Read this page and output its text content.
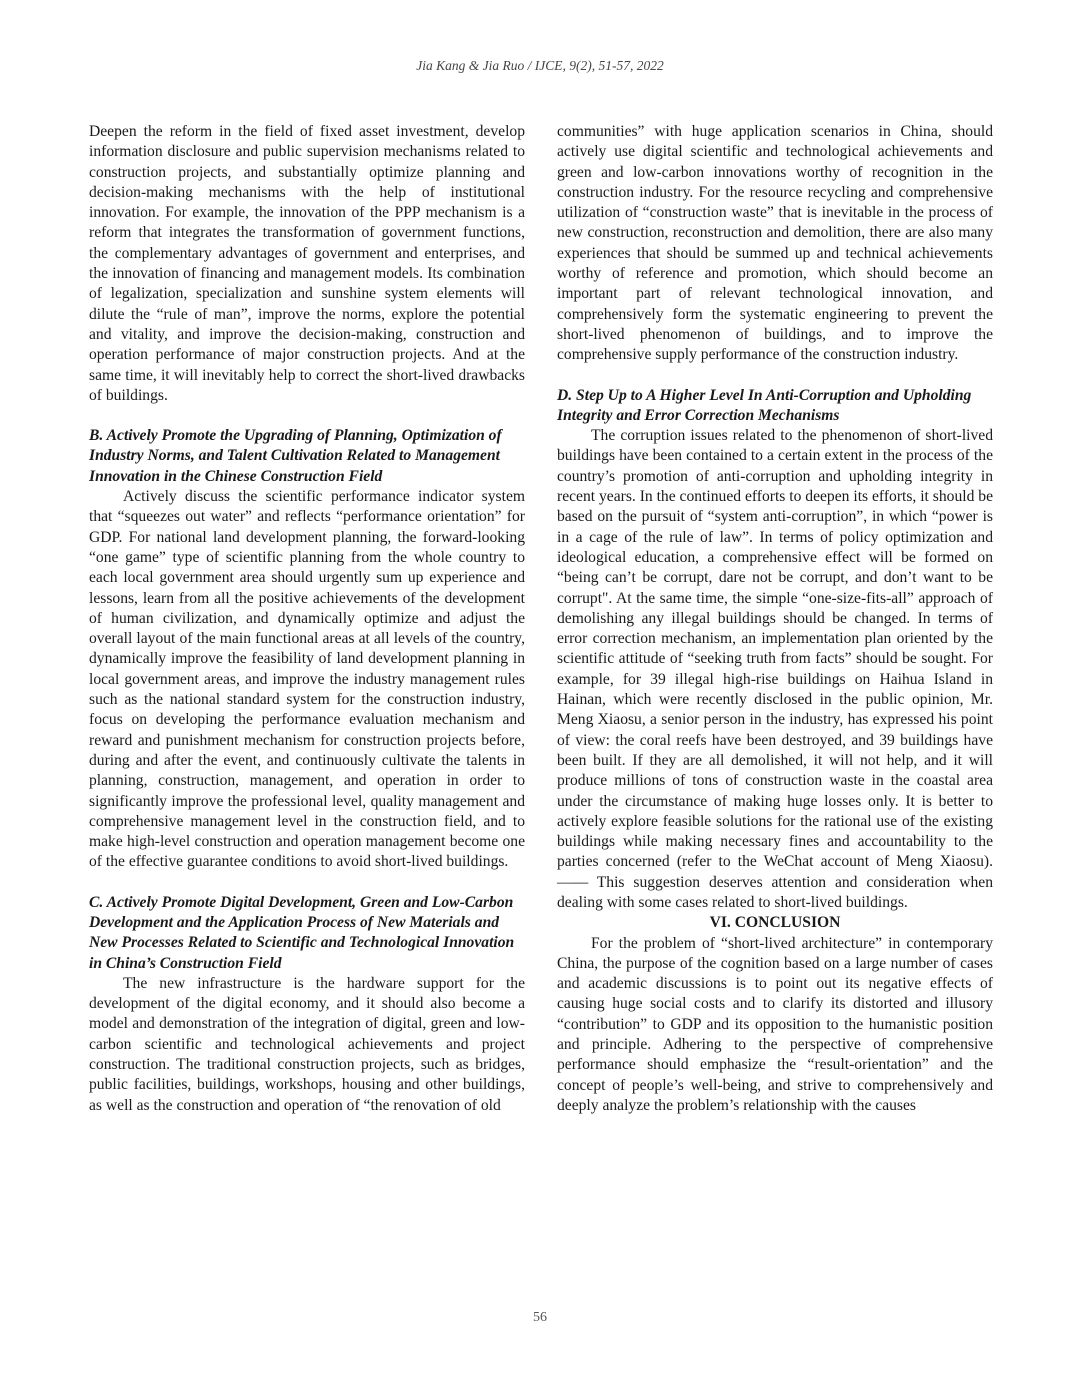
Jia Kang & Jia Ruo / IJCE, 9(2), 51-57, 2022

Deepen the reform in the field of fixed asset investment, develop information disclosure and public supervision mechanisms related to construction projects, and substantially optimize planning and decision-making mechanisms with the help of institutional innovation. For example, the innovation of the PPP mechanism is a reform that integrates the transformation of government functions, the complementary advantages of government and enterprises, and the innovation of financing and management models. Its combination of legalization, specialization and sunshine system elements will dilute the “rule of man”, improve the norms, explore the potential and vitality, and improve the decision-making, construction and operation performance of major construction projects. And at the same time, it will inevitably help to correct the short-lived drawbacks of buildings.

B. Actively Promote the Upgrading of Planning, Optimization of Industry Norms, and Talent Cultivation Related to Management Innovation in the Chinese Construction Field

Actively discuss the scientific performance indicator system that “squeezes out water” and reflects “performance orientation” for GDP. For national land development planning, the forward-looking “one game” type of scientific planning from the whole country to each local government area should urgently sum up experience and lessons, learn from all the positive achievements of the development of human civilization, and dynamically optimize and adjust the overall layout of the main functional areas at all levels of the country, dynamically improve the feasibility of land development planning in local government areas, and improve the industry management rules such as the national standard system for the construction industry, focus on developing the performance evaluation mechanism and reward and punishment mechanism for construction projects before, during and after the event, and continuously cultivate the talents in planning, construction, management, and operation in order to significantly improve the professional level, quality management and comprehensive management level in the construction field, and to make high-level construction and operation management become one of the effective guarantee conditions to avoid short-lived buildings.

C. Actively Promote Digital Development, Green and Low-Carbon Development and the Application Process of New Materials and New Processes Related to Scientific and Technological Innovation in China’s Construction Field

The new infrastructure is the hardware support for the development of the digital economy, and it should also become a model and demonstration of the integration of digital, green and low-carbon scientific and technological achievements and project construction. The traditional construction projects, such as bridges, public facilities, buildings, workshops, housing and other buildings, as well as the construction and operation of “the renovation of old

communities” with huge application scenarios in China, should actively use digital scientific and technological achievements and green and low-carbon innovations worthy of recognition in the construction industry. For the resource recycling and comprehensive utilization of “construction waste” that is inevitable in the process of new construction, reconstruction and demolition, there are also many experiences that should be summed up and technical achievements worthy of reference and promotion, which should become an important part of relevant technological innovation, and comprehensively form the systematic engineering to prevent the short-lived phenomenon of buildings, and to improve the comprehensive supply performance of the construction industry.

D. Step Up to A Higher Level In Anti-Corruption and Upholding Integrity and Error Correction Mechanisms

The corruption issues related to the phenomenon of short-lived buildings have been contained to a certain extent in the process of the country’s promotion of anti-corruption and upholding integrity in recent years. In the continued efforts to deepen its efforts, it should be based on the pursuit of “system anti-corruption”, in which “power is in a cage of the rule of law”. In terms of policy optimization and ideological education, a comprehensive effect will be formed on “being can’t be corrupt, dare not be corrupt, and don’t want to be corrupt". At the same time, the simple “one-size-fits-all” approach of demolishing any illegal buildings should be changed. In terms of error correction mechanism, an implementation plan oriented by the scientific attitude of “seeking truth from facts” should be sought. For example, for 39 illegal high-rise buildings on Haihua Island in Hainan, which were recently disclosed in the public opinion, Mr. Meng Xiaosu, a senior person in the industry, has expressed his point of view: the coral reefs have been destroyed, and 39 buildings have been built. If they are all demolished, it will not help, and it will produce millions of tons of construction waste in the coastal area under the circumstance of making huge losses only. It is better to actively explore feasible solutions for the rational use of the existing buildings while making necessary fines and accountability to the parties concerned (refer to the WeChat account of Meng Xiaosu). —— This suggestion deserves attention and consideration when dealing with some cases related to short-lived buildings.

VI. CONCLUSION

For the problem of “short-lived architecture” in contemporary China, the purpose of the cognition based on a large number of cases and academic discussions is to point out its negative effects of causing huge social costs and to clarify its distorted and illusory “contribution” to GDP and its opposition to the humanistic position and principle. Adhering to the perspective of comprehensive performance should emphasize the “result-orientation” and the concept of people’s well-being, and strive to comprehensively and deeply analyze the problem’s relationship with the causes

56
